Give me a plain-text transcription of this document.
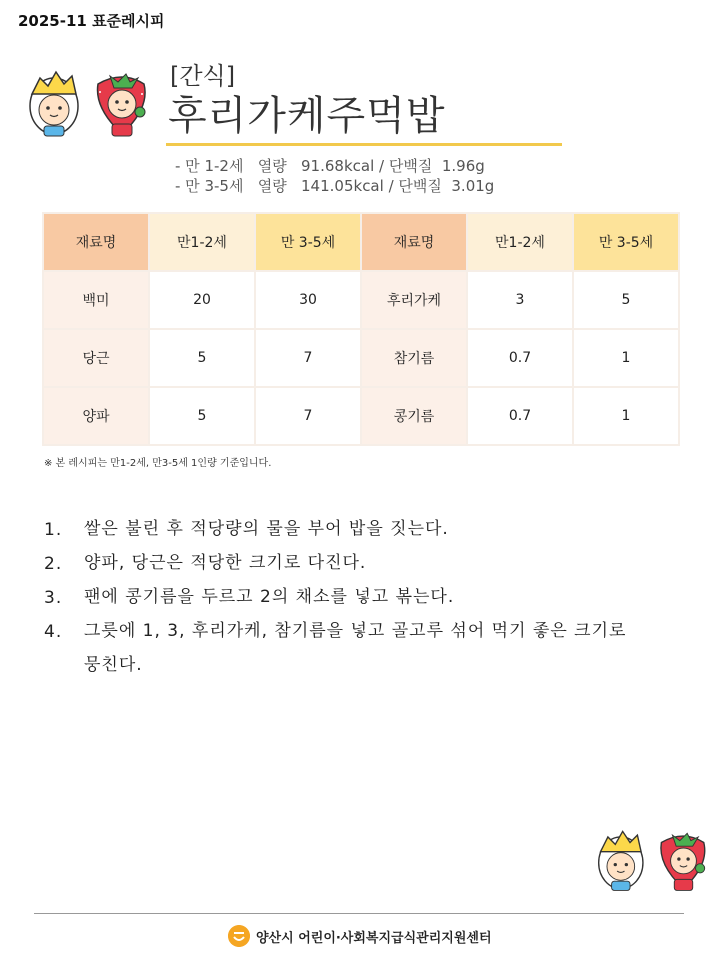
2025-11 표준레시피
[간식]
후리가케주먹밥
- 만 1-2세   열량   91.68kcal / 단백질  1.96g
- 만 3-5세   열량   141.05kcal / 단백질  3.01g
재료명	만1-2세	만 3-5세	재료명	만1-2세	만 3-5세
백미	20	30	후리가케	3	5
당근	5	7	참기름	0.7	1
양파	5	7	콩기름	0.7	1
※ 본 레시피는 만1-2세, 만3-5세 1인량 기준입니다.
1. 쌀은 불린 후 적당량의 물을 부어 밥을 짓는다.
2. 양파, 당근은 적당한 크기로 다진다.
3. 팬에 콩기름을 두르고 2의 채소를 넣고 볶는다.
4. 그릇에 1, 3, 후리가케, 참기름을 넣고 골고루 섞어 먹기 좋은 크기로 뭉친다.
양산시 어린이·사회복지급식관리지원센터
